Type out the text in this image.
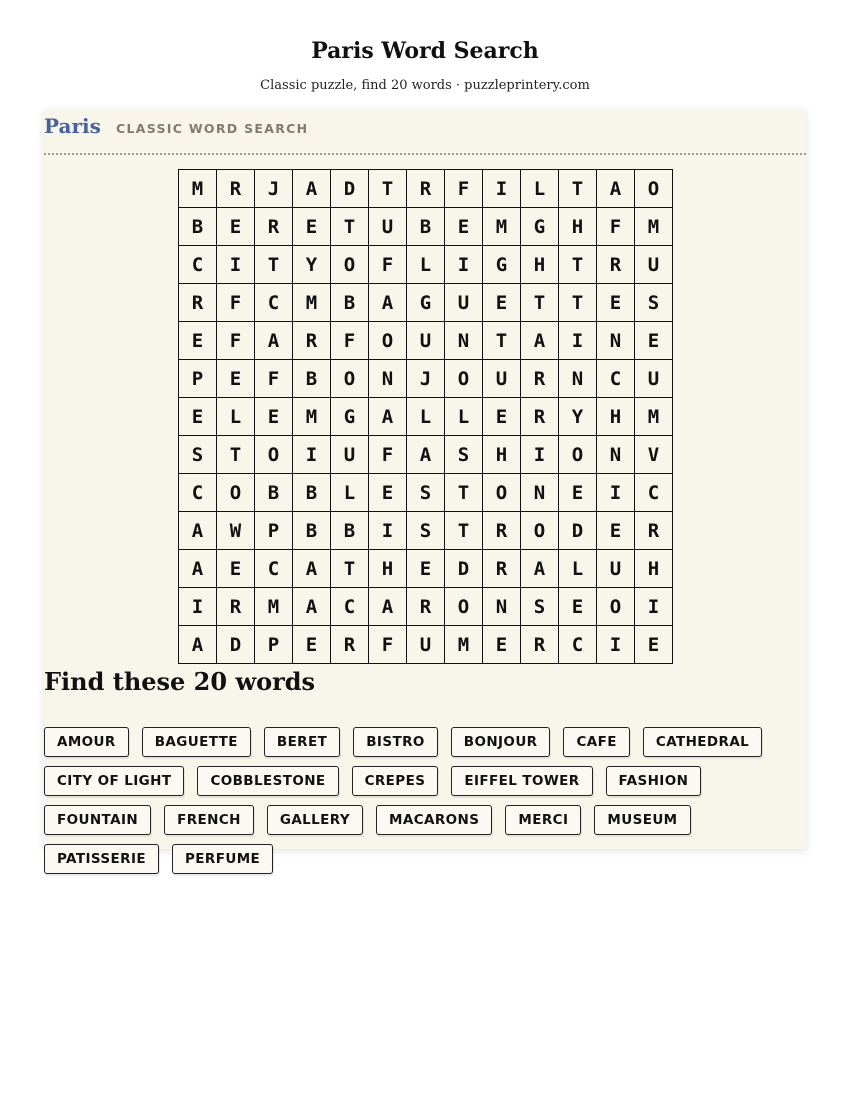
Paris Word Search
Classic puzzle, find 20 words · puzzleprintery.com
Paris CLASSIC WORD SEARCH
M	R	J	A	D	T	R	F	I	L	T	A	O
B	E	R	E	T	U	B	E	M	G	H	F	M
C	I	T	Y	O	F	L	I	G	H	T	R	U
R	F	C	M	B	A	G	U	E	T	T	E	S
E	F	A	R	F	O	U	N	T	A	I	N	E
P	E	F	B	O	N	J	O	U	R	N	C	U
E	L	E	M	G	A	L	L	E	R	Y	H	M
S	T	O	I	U	F	A	S	H	I	O	N	V
C	O	B	B	L	E	S	T	O	N	E	I	C
A	W	P	B	B	I	S	T	R	O	D	E	R
A	E	C	A	T	H	E	D	R	A	L	U	H
I	R	M	A	C	A	R	O	N	S	E	O	I
A	D	P	E	R	F	U	M	E	R	C	I	E
Find these 20 words
AMOUR	BAGUETTE	BERET	BISTRO	BONJOUR	CAFE	CATHEDRAL
CITY OF LIGHT	COBBLESTONE	CREPES	EIFFEL TOWER	FASHION
FOUNTAIN	FRENCH	GALLERY	MACARONS	MERCI	MUSEUM
PATISSERIE	PERFUME
